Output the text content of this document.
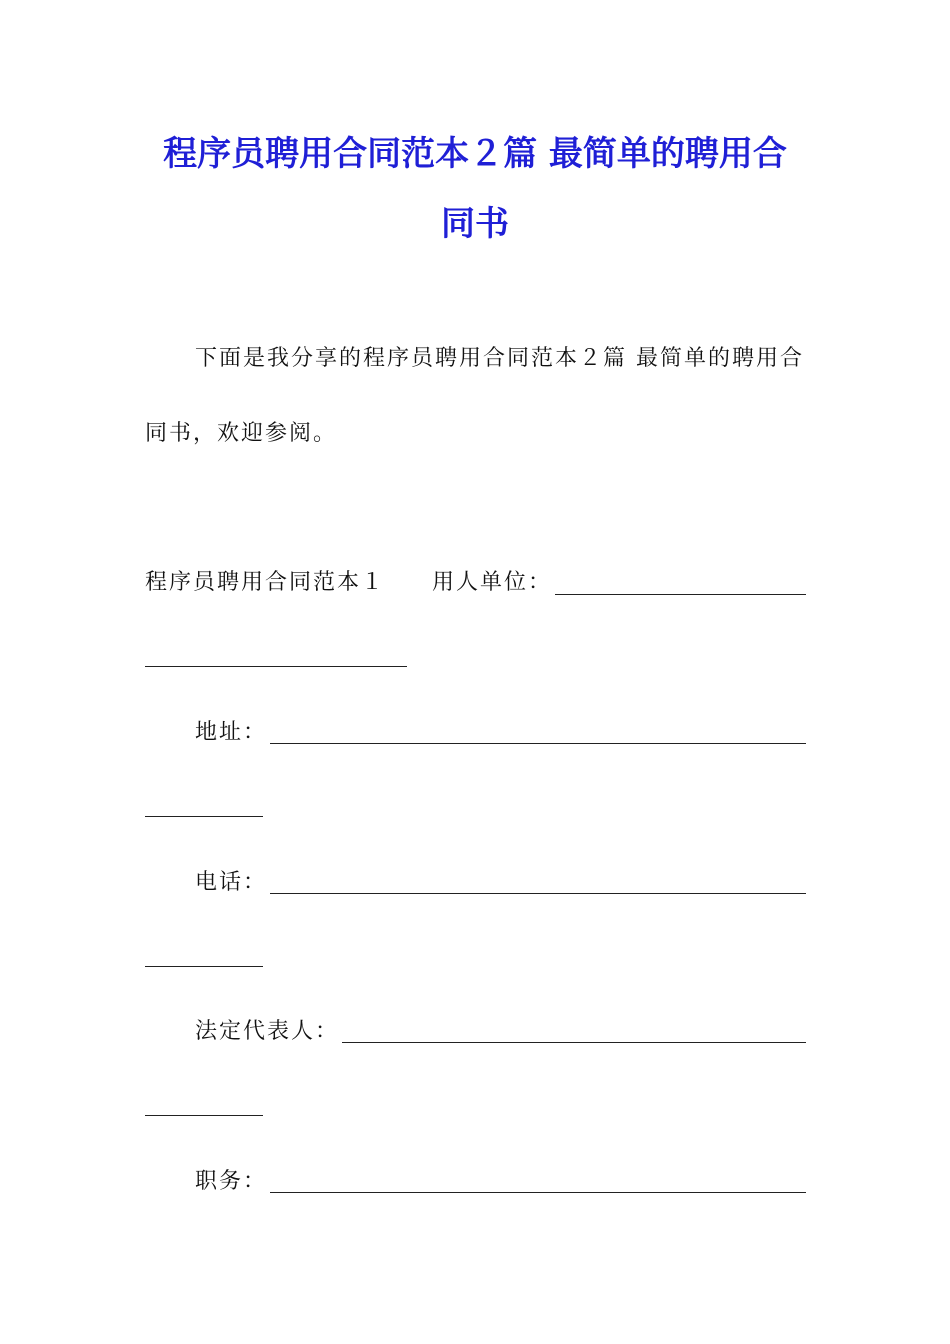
程序员聘用合同范本２篇 最简单的聘用合
同书
下面是我分享的程序员聘用合同范本２篇 最简单的聘用合
同书，欢迎参阅。
程序员聘用合同范本１ 用人单位：
地址：
电话：
法定代表人：
职务：
